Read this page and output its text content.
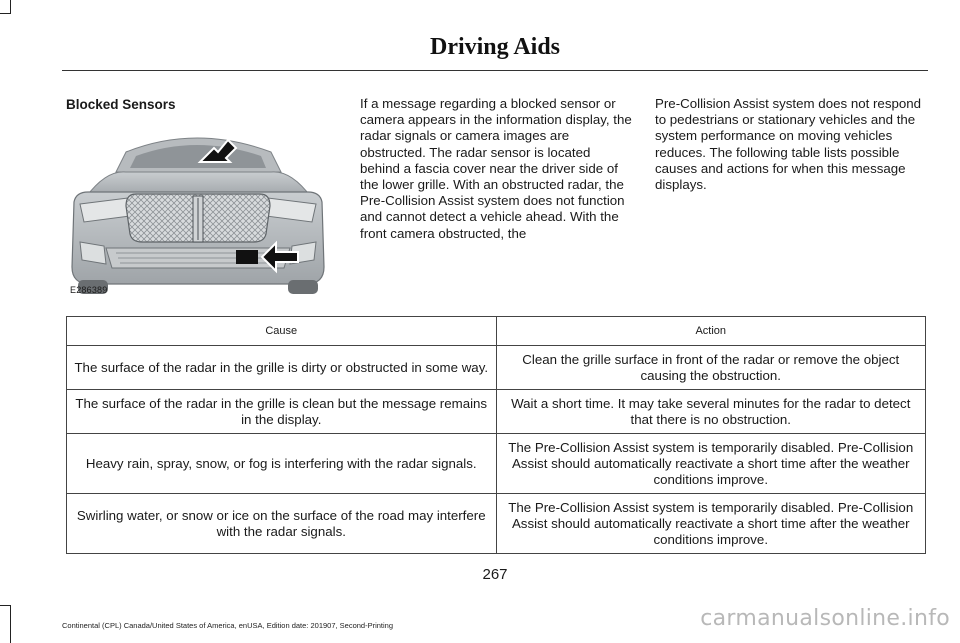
Driving Aids
Blocked Sensors
E286389
If a message regarding a blocked sensor or camera appears in the information display, the radar signals or camera images are obstructed. The radar sensor is located behind a fascia cover near the driver side of the lower grille. With an obstructed radar, the Pre-Collision Assist system does not function and cannot detect a vehicle ahead. With the front camera obstructed, the
Pre-Collision Assist system does not respond to pedestrians or stationary vehicles and the system performance on moving vehicles reduces. The following table lists possible causes and actions for when this message displays.
Cause	Action
The surface of the radar in the grille is dirty or obstructed in some way.	Clean the grille surface in front of the radar or remove the object causing the obstruction.
The surface of the radar in the grille is clean but the message remains in the display.	Wait a short time. It may take several minutes for the radar to detect that there is no obstruction.
Heavy rain, spray, snow, or fog is interfering with the radar signals.	The Pre-Collision Assist system is temporarily disabled. Pre-Collision Assist should automatically reactivate a short time after the weather conditions improve.
Swirling water, or snow or ice on the surface of the road may interfere with the radar signals.	The Pre-Collision Assist system is temporarily disabled. Pre-Collision Assist should automatically reactivate a short time after the weather conditions improve.
267
Continental (CPL) Canada/United States of America, enUSA, Edition date: 201907, Second-Printing	carmanualsonline.info
